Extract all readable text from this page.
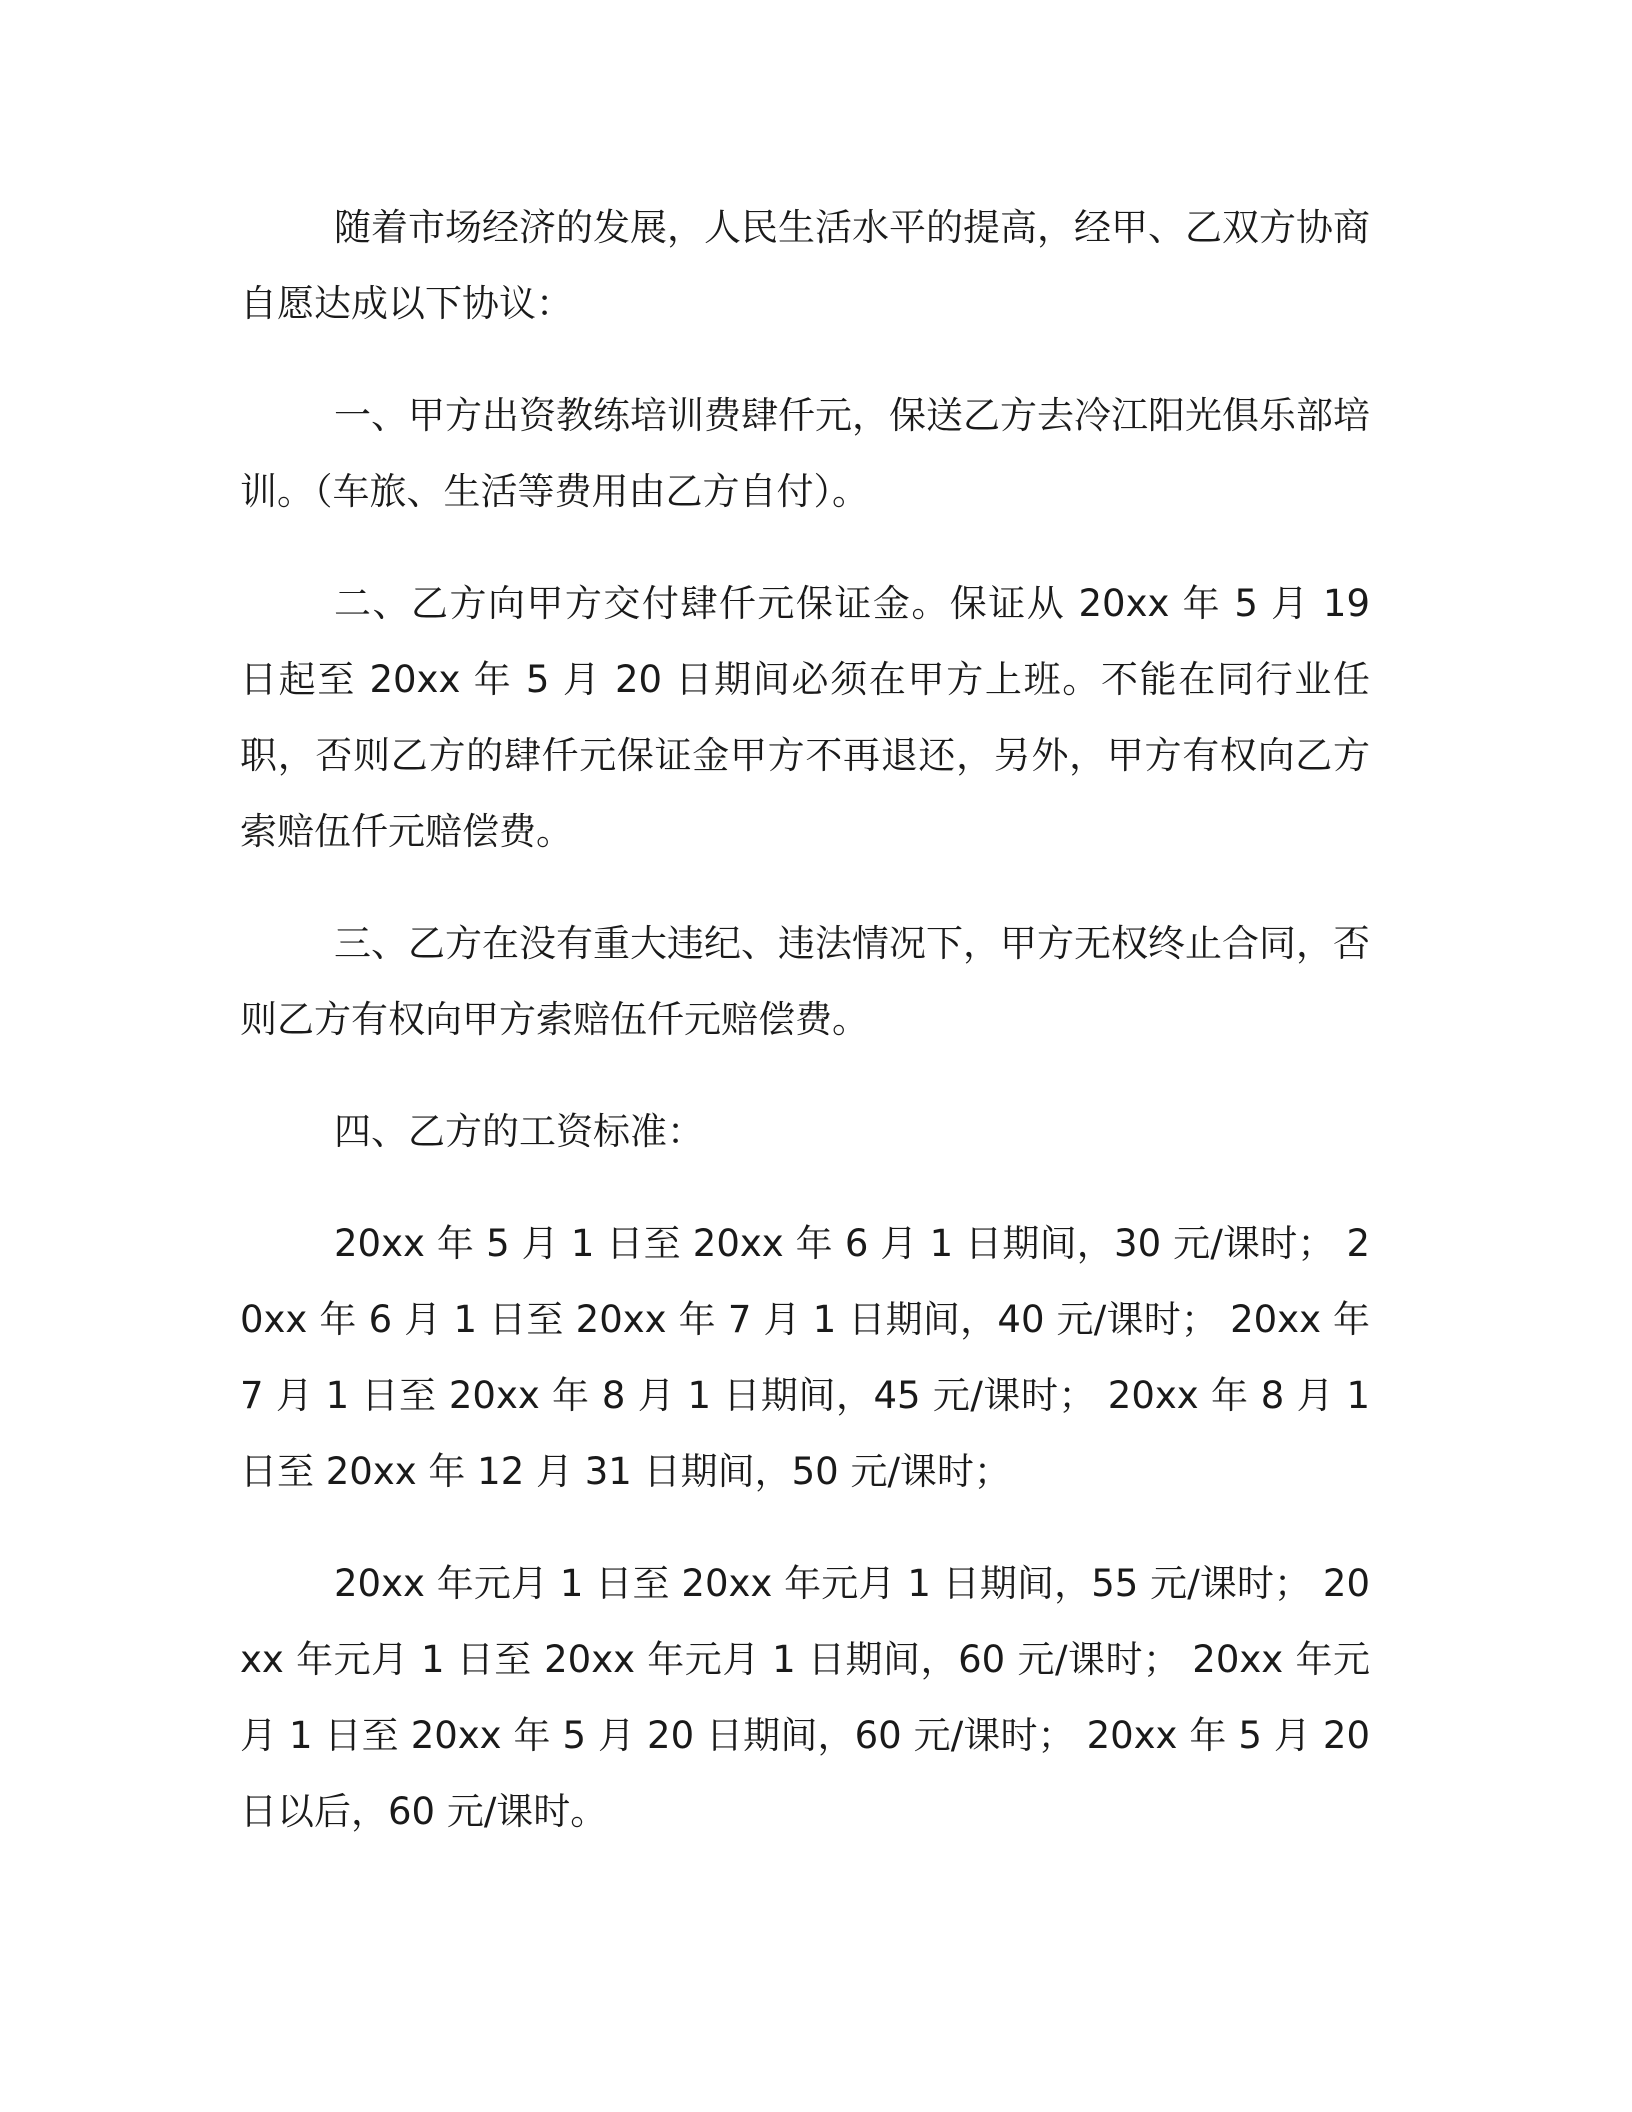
随着市场经济的发展，人民生活水平的提高，经甲、乙双方协商自愿达成以下协议：

一、甲方出资教练培训费肆仟元，保送乙方去冷江阳光俱乐部培训。（车旅、生活等费用由乙方自付）。

二、乙方向甲方交付肆仟元保证金。保证从 20xx 年 5 月 19 日起至 20xx 年 5 月 20 日期间必须在甲方上班。不能在同行业任职，否则乙方的肆仟元保证金甲方不再退还，另外，甲方有权向乙方索赔伍仟元赔偿费。

三、乙方在没有重大违纪、违法情况下，甲方无权终止合同，否则乙方有权向甲方索赔伍仟元赔偿费。

四、乙方的工资标准：

20xx 年 5 月 1 日至 20xx 年 6 月 1 日期间，30 元/课时； 20xx 年 6 月 1 日至 20xx 年 7 月 1 日期间，40 元/课时； 20xx 年 7 月 1 日至 20xx 年 8 月 1 日期间，45 元/课时； 20xx 年 8 月 1 日至 20xx 年 12 月 31 日期间，50 元/课时；

20xx 年元月 1 日至 20xx 年元月 1 日期间，55 元/课时； 20xx 年元月 1 日至 20xx 年元月 1 日期间，60 元/课时； 20xx 年元月 1 日至 20xx 年 5 月 20 日期间，60 元/课时； 20xx 年 5 月 20 日以后，60 元/课时。
